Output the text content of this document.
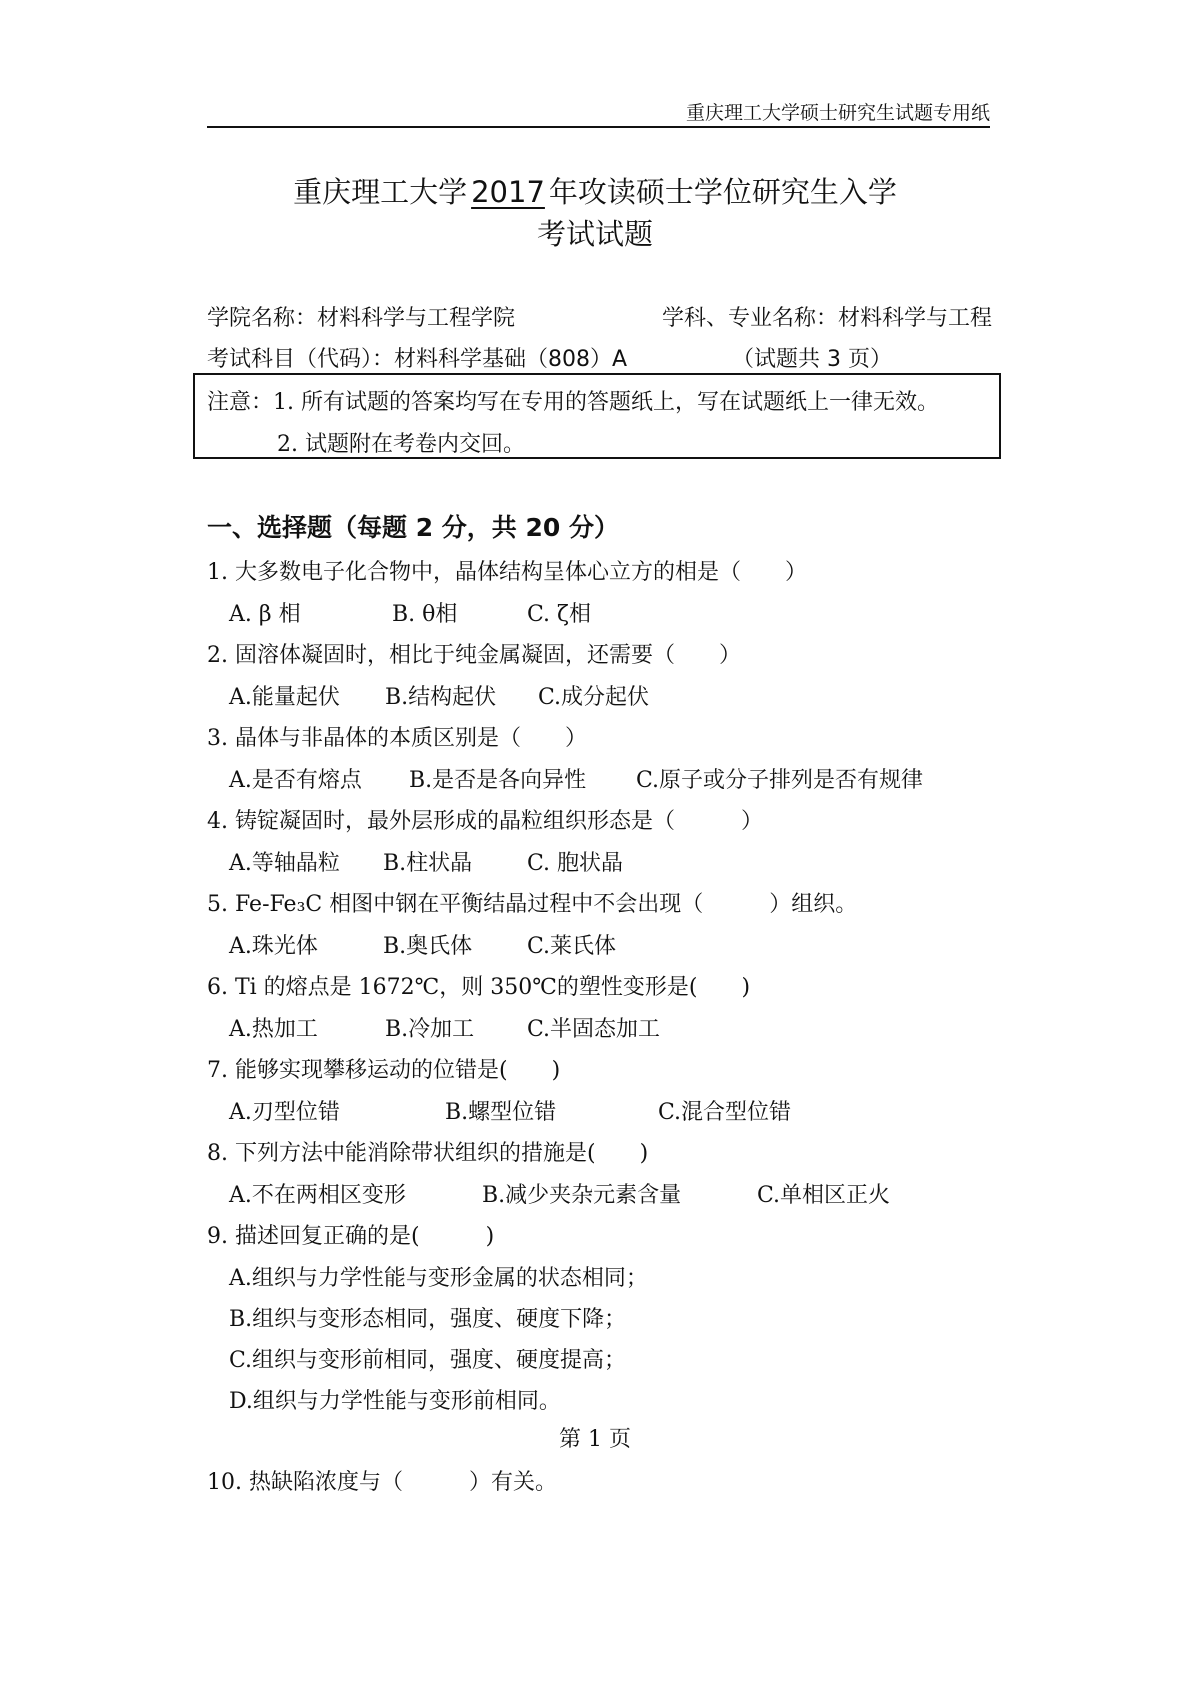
重庆理工大学硕士研究生试题专用纸
重庆理工大学 2017 年攻读硕士学位研究生入学
考试试题
学院名称：材料科学与工程学院	学科、专业名称：材料科学与工程
考试科目（代码）：材料科学基础（808）A	（试题共 3 页）
注意：1. 所有试题的答案均写在专用的答题纸上，写在试题纸上一律无效。
2. 试题附在考卷内交回。
一、选择题（每题 2 分，共 20 分）
1. 大多数电子化合物中，晶体结构呈体心立方的相是（　　）
A. β 相	B. θ相	C. ζ相
2. 固溶体凝固时，相比于纯金属凝固，还需要（　　）
A.能量起伏 B.结构起伏 C.成分起伏
3. 晶体与非晶体的本质区别是（　　）
A.是否有熔点 B.是否是各向异性 C.原子或分子排列是否有规律
4. 铸锭凝固时，最外层形成的晶粒组织形态是（　　　）
A.等轴晶粒 B.柱状晶 C. 胞状晶
5. Fe-Fe₃C 相图中钢在平衡结晶过程中不会出现（　　　）组织。
A.珠光体	B.奥氏体 C.莱氏体
6. Ti 的熔点是 1672℃，则 350℃的塑性变形是(　　)
A.热加工	B.冷加工 C.半固态加工
7. 能够实现攀移运动的位错是(　　)
A.刃型位错	B.螺型位错	C.混合型位错
8. 下列方法中能消除带状组织的措施是(　　)
A.不在两相区变形	B.减少夹杂元素含量	C.单相区正火
9. 描述回复正确的是(　　　)
A.组织与力学性能与变形金属的状态相同；
B.组织与变形态相同，强度、硬度下降；
C.组织与变形前相同，强度、硬度提高；
D.组织与力学性能与变形前相同。
第 1 页
10. 热缺陷浓度与（　　　）有关。
